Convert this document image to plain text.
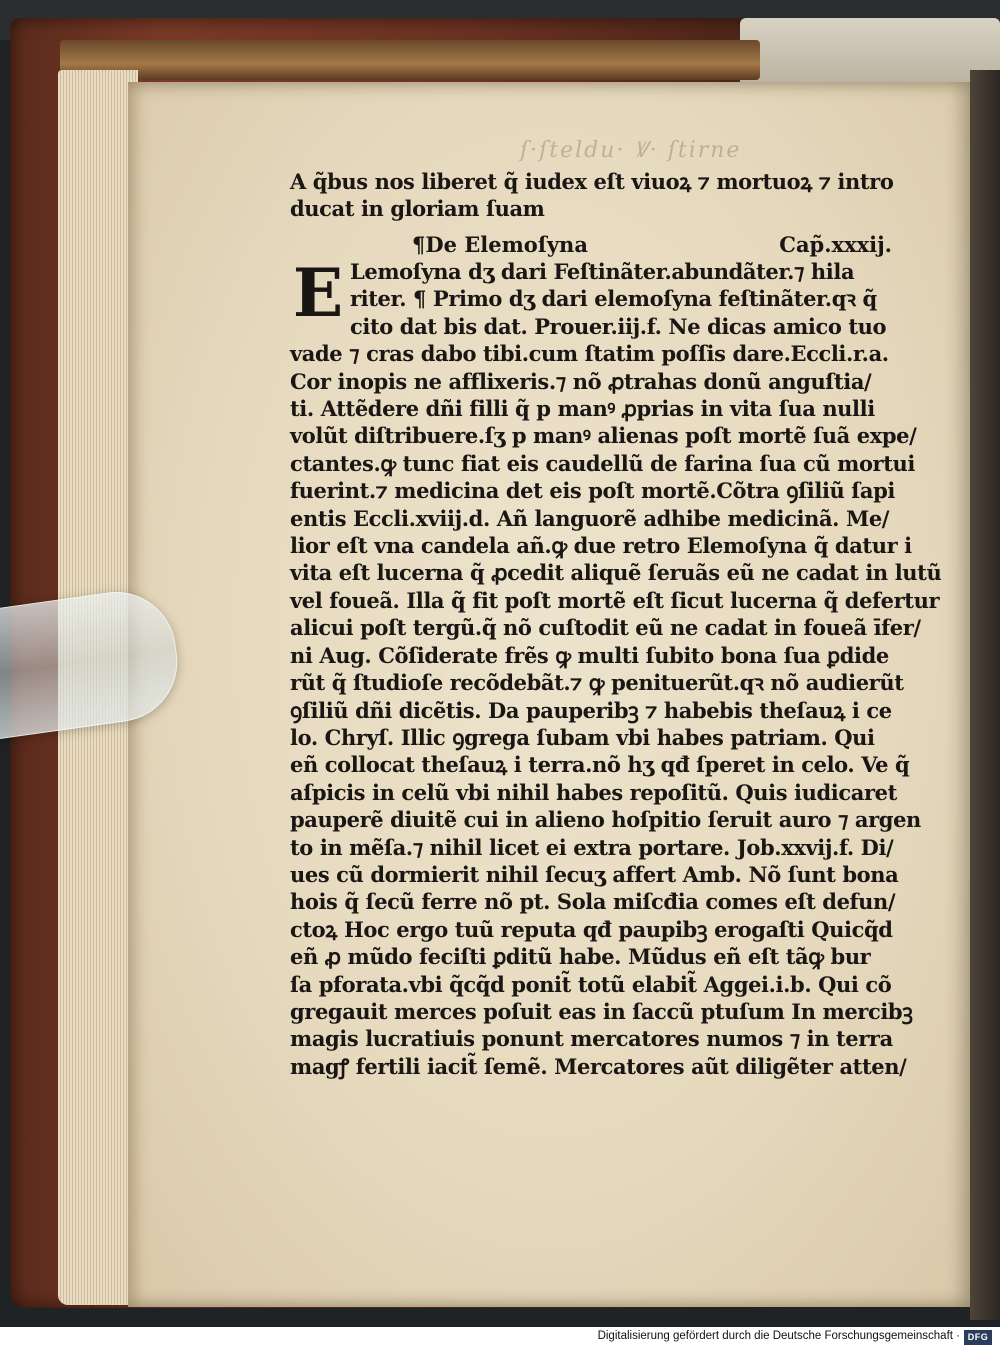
ſ·ſteldu· Ꝟ· ſtirne
A q̃bus nos liberet q̃ iudex eſt viuoꝝ ⁊ mortuoꝝ ⁊ intro
ducat in gloriam ſuam
¶De Elemoſyna	Cap̃.xxxij.
E Lemoſyna dʒ dari Feſtinãter.abundãter.⁊ hila
riter. ¶ Primo dʒ dari elemoſyna feſtinãter.qꝛ q̃
cito dat bis dat. Prouer.iij.f. Ne dicas amico tuo
vade ⁊ cras dabo tibi.cum ſtatim poſſis dare.Eccli.r.a.
Cor inopis ne afflixeris.⁊ nõ ꝓtrahas donũ anguſtia/
ti. Attẽdere dñi filli q̃ p manꝰ ꝓprias in vita ſua nulli
volũt diſtribuere.ſʒ p manꝰ alienas poſt mortẽ ſuã expe/
ctantes.ꝙ tunc fiat eis caudellũ de farina ſua cũ mortui
fuerint.⁊ medicina det eis poſt mortẽ.Cõtra ꝯſiliũ ſapi
entis Eccli.xviij.d. Añ languorẽ adhibe medicinã. Me/
lior eſt vna candela añ.ꝙ due retro Elemoſyna q̃ datur i
vita eſt lucerna q̃ ꝓcedit aliquẽ ſeruãs eũ ne cadat in lutũ
vel foueã. Illa q̃ fit poſt mortẽ eſt ſicut lucerna q̃ defertur
alicui poſt tergũ.q̃ nõ cuſtodit eũ ne cadat in foueã īfer/
ni Aug. Cõſiderate frẽs ꝙ multi ſubito bona ſua ꝑdide
rũt q̃ ſtudioſe recõdebãt.⁊ ꝙ penituerũt.qꝛ nõ audierũt
ꝯſiliũ dñi dicẽtis. Da pauperibꝫ ⁊ habebis theſauꝝ i ce
lo. Chryſ. Illic ꝯgrega ſubam vbi habes patriam. Qui
eñ collocat theſauꝝ i terra.nõ hʒ qđ ſperet in celo. Ve q̃
aſpicis in celũ vbi nihil habes repoſitũ. Quis iudicaret
pauperẽ diuitẽ cui in alieno hoſpitio ſeruit auro ⁊ argen
to in mẽſa.⁊ nihil licet ei extra portare. Job.xxvij.f. Di/
ues cũ dormierit nihil ſecuʒ affert Amb. Nõ ſunt bona
hois q̃ ſecũ ferre nõ pt. Sola miſcđia comes eſt defun/
ctoꝝ Hoc ergo tuũ reputa qđ paupibꝫ erogaſti Quicq̃d
eñ ꝓ mũdo feciſti ꝑditũ habe. Mũdus eñ eſt tãꝙ bur
ſa pforata.vbi q̃cq̃d ponit̃ totũ elabit̃ Aggei.i.b. Qui cõ
gregauit merces poſuit eas in ſaccũ ptuſum In mercibꝫ
magis lucratiuis ponunt mercatores numos ⁊ in terra
magꝭ fertili iacit̃ ſemẽ. Mercatores aũt diligẽter atten/
Digitalisierung gefördert durch die Deutsche Forschungsgemeinschaft · DFG
